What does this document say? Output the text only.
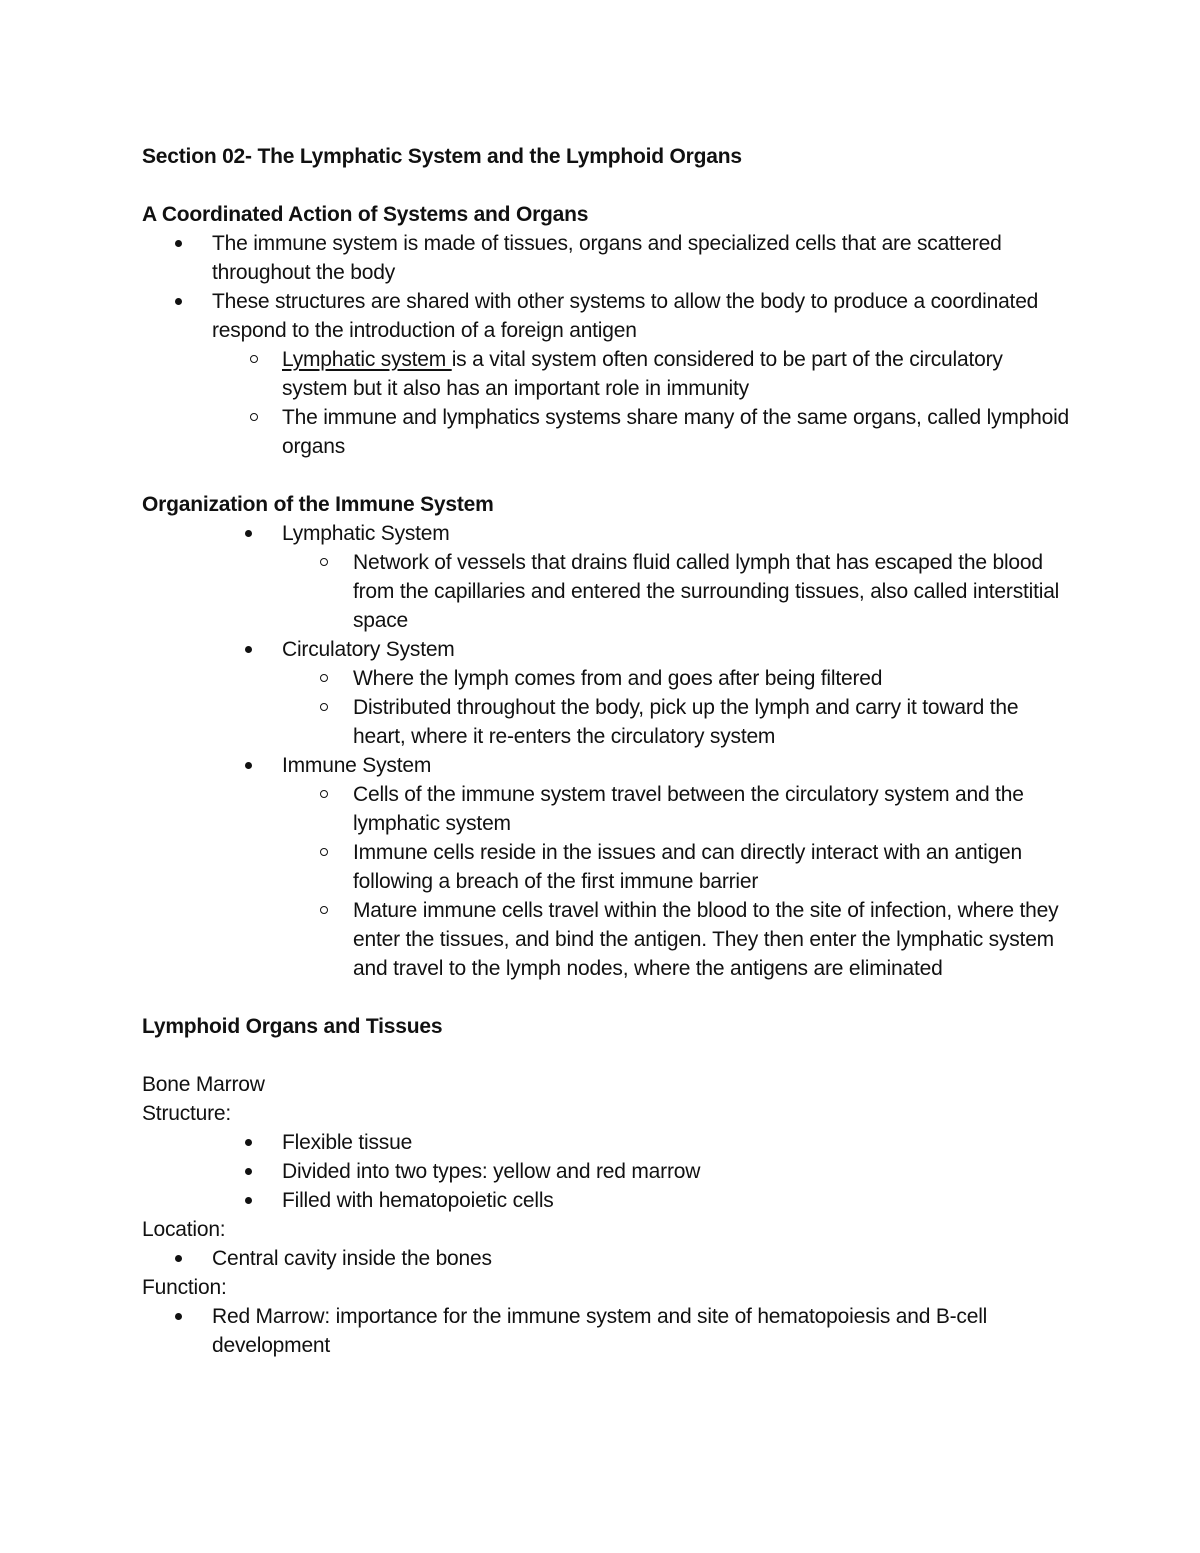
Section 02- The Lymphatic System and the Lymphoid Organs

A Coordinated Action of Systems and Organs

The immune system is made of tissues, organs and specialized cells that are scattered throughout the body
These structures are shared with other systems to allow the body to produce a coordinated respond to the introduction of a foreign antigen
Lymphatic system is a vital system often considered to be part of the circulatory system but it also has an important role in immunity
The immune and lymphatics systems share many of the same organs, called lymphoid organs

Organization of the Immune System

Lymphatic System
Network of vessels that drains fluid called lymph that has escaped the blood from the capillaries and entered the surrounding tissues, also called interstitial space
Circulatory System
Where the lymph comes from and goes after being filtered
Distributed throughout the body, pick up the lymph and carry it toward the heart, where it re-enters the circulatory system
Immune System
Cells of the immune system travel between the circulatory system and the lymphatic system
Immune cells reside in the issues and can directly interact with an antigen following a breach of the first immune barrier
Mature immune cells travel within the blood to the site of infection, where they enter the tissues, and bind the antigen. They then enter the lymphatic system and travel to the lymph nodes, where the antigens are eliminated

Lymphoid Organs and Tissues

Bone Marrow

Structure:

Flexible tissue
Divided into two types: yellow and red marrow
Filled with hematopoietic cells

Location:

Central cavity inside the bones

Function:

Red Marrow: importance for the immune system and site of hematopoiesis and B-cell development
